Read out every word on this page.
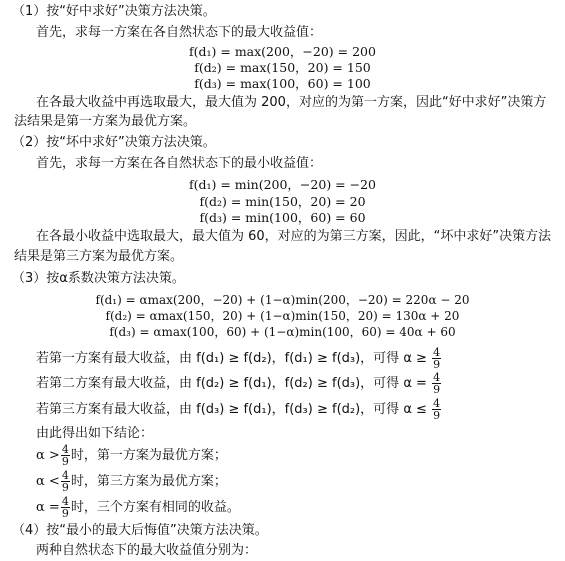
（1）按“好中求好”决策方法决策。
首先，求每一方案在各自然状态下的最大收益值：
f(d₁) = max(200，−20) = 200
f(d₂) = max(150，20) = 150
f(d₃) = max(100，60) = 100
在各最大收益中再选取最大，最大值为 200，对应的为第一方案，因此“好中求好”决策方
法结果是第一方案为最优方案。
（2）按“坏中求好”决策方法决策。
首先，求每一方案在各自然状态下的最小收益值：
f(d₁) = min(200，−20) = −20
f(d₂) = min(150，20) = 20
f(d₃) = min(100，60) = 60
在各最小收益中选取最大，最大值为 60，对应的为第三方案，因此，“坏中求好”决策方法
结果是第三方案为最优方案。
（3）按α系数决策方法决策。
f(d₁) = αmax(200，−20) + (1−α)min(200，−20) = 220α − 20
f(d₂) = αmax(150，20) + (1−α)min(150，20) = 130α + 20
f(d₃) = αmax(100，60) + (1−α)min(100，60) = 40α + 60
若第一方案有最大收益，由 f(d₁) ≥ f(d₂)，f(d₁) ≥ f(d₃)，可得 $\alpha \ge \frac{4}{9}$
若第二方案有最大收益，由 f(d₂) ≥ f(d₁)，f(d₂) ≥ f(d₃)，可得 $\alpha = \frac{4}{9}$
若第三方案有最大收益，由 f(d₃) ≥ f(d₁)，f(d₃) ≥ f(d₂)，可得 $\alpha \le \frac{4}{9}$
由此得出如下结论：
$\alpha > \frac{4}{9}$ 时，第一方案为最优方案；
$\alpha < \frac{4}{9}$ 时，第三方案为最优方案；
$\alpha = \frac{4}{9}$ 时，三个方案有相同的收益。
（4）按“最小的最大后悔值”决策方法决策。
两种自然状态下的最大收益值分别为：
